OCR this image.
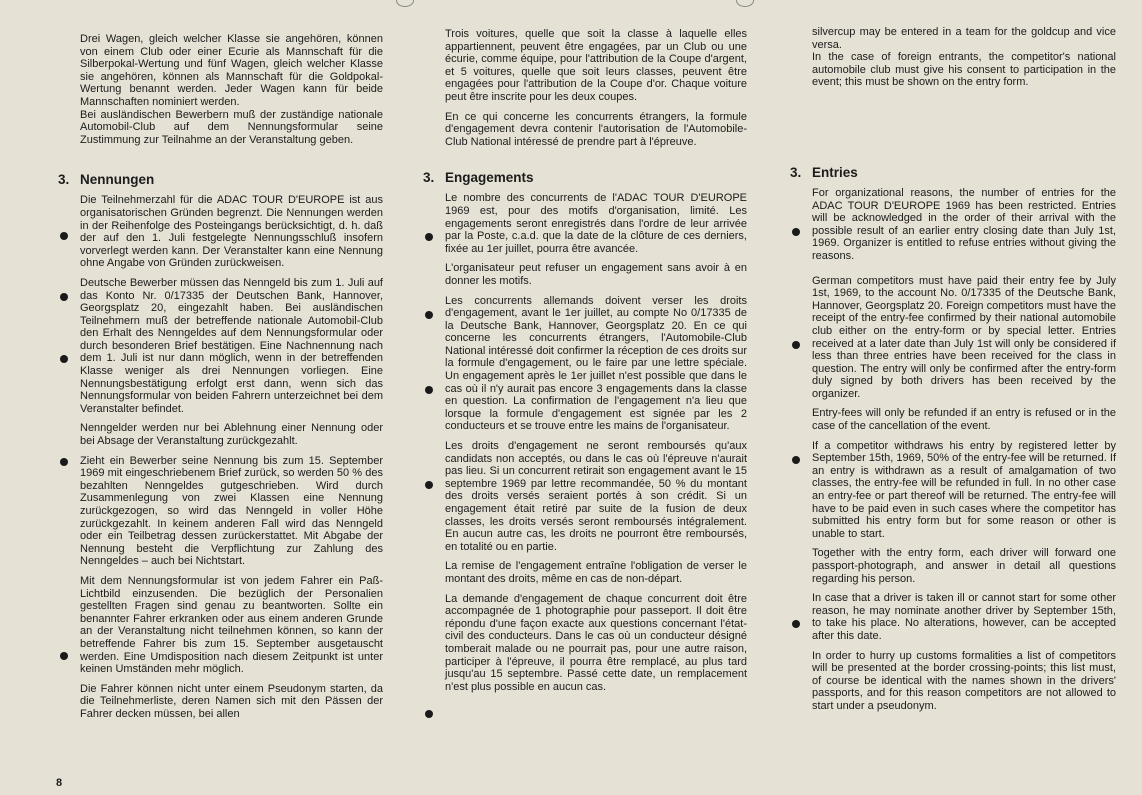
Drei Wagen, gleich welcher Klasse sie angehören, können von einem Club oder einer Ecurie als Mannschaft für die Silberpokal-Wertung und fünf Wagen, gleich welcher Klasse sie angehören, können als Mannschaft für die Goldpokal-Wertung benannt werden. Jeder Wagen kann für beide Mannschaften nominiert werden.

Bei ausländischen Bewerbern muß der zuständige nationale Automobil-Club auf dem Nennungsformular seine Zustimmung zur Teilnahme an der Veranstaltung geben.

3. Nennungen

Die Teilnehmerzahl für die ADAC TOUR D'EUROPE ist aus organisatorischen Gründen begrenzt. Die Nennungen werden in der Reihenfolge des Posteingangs berücksichtigt, d. h. daß der auf den 1. Juli festgelegte Nennungsschluß insofern vorverlegt werden kann. Der Veranstalter kann eine Nennung ohne Angabe von Gründen zurückweisen.

Deutsche Bewerber müssen das Nenngeld bis zum 1. Juli auf das Konto Nr. 0/17335 der Deutschen Bank, Hannover, Georgsplatz 20, eingezahlt haben. Bei ausländischen Teilnehmern muß der betreffende nationale Automobil-Club den Erhalt des Nenngeldes auf dem Nennungsformular oder durch besonderen Brief bestätigen. Eine Nachnennung nach dem 1. Juli ist nur dann möglich, wenn in der betreffenden Klasse weniger als drei Nennungen vorliegen. Eine Nennungsbestätigung erfolgt erst dann, wenn sich das Nennungsformular von beiden Fahrern unterzeichnet bei dem Veranstalter befindet.

Nenngelder werden nur bei Ablehnung einer Nennung oder bei Absage der Veranstaltung zurückgezahlt.

Zieht ein Bewerber seine Nennung bis zum 15. September 1969 mit eingeschriebenem Brief zurück, so werden 50 % des bezahlten Nenngeldes gutgeschrieben. Wird durch Zusammenlegung von zwei Klassen eine Nennung zurückgezogen, so wird das Nenngeld in voller Höhe zurückgezahlt. In keinem anderen Fall wird das Nenngeld oder ein Teilbetrag dessen zurückerstattet. Mit Abgabe der Nennung besteht die Verpflichtung zur Zahlung des Nenngeldes – auch bei Nichtstart.

Mit dem Nennungsformular ist von jedem Fahrer ein Paß-Lichtbild einzusenden. Die bezüglich der Personalien gestellten Fragen sind genau zu beantworten. Sollte ein benannter Fahrer erkranken oder aus einem anderen Grunde an der Veranstaltung nicht teilnehmen können, so kann der betreffende Fahrer bis zum 15. September ausgetauscht werden. Eine Umdisposition nach diesem Zeitpunkt ist unter keinen Umständen mehr möglich.

Die Fahrer können nicht unter einem Pseudonym starten, da die Teilnehmerliste, deren Namen sich mit den Pässen der Fahrer decken müssen, bei allen

Trois voitures, quelle que soit la classe à laquelle elles appartiennent, peuvent être engagées, par un Club ou une écurie, comme équipe, pour l'attribution de la Coupe d'argent, et 5 voitures, quelle que soit leurs classes, peuvent être engagées pour l'attribution de la Coupe d'or. Chaque voiture peut être inscrite pour les deux coupes.

En ce qui concerne les concurrents étrangers, la formule d'engagement devra contenir l'autorisation de l'Automobile-Club National intéressé de prendre part à l'épreuve.

3. Engagements

Le nombre des concurrents de l'ADAC TOUR D'EUROPE 1969 est, pour des motifs d'organisation, limité. Les engagements seront enregistrés dans l'ordre de leur arrivée par la Poste, c.a.d. que la date de la clôture de ces derniers, fixée au 1er juillet, pourra être avancée.

L'organisateur peut refuser un engagement sans avoir à en donner les motifs.

Les concurrents allemands doivent verser les droits d'engagement, avant le 1er juillet, au compte No 0/17335 de la Deutsche Bank, Hannover, Georgsplatz 20. En ce qui concerne les concurrents étrangers, l'Automobile-Club National intéressé doit confirmer la réception de ces droits sur la formule d'engagement, ou le faire par une lettre spéciale. Un engagement après le 1er juillet n'est possible que dans le cas où il n'y aurait pas encore 3 engagements dans la classe en question. La confirmation de l'engagement n'a lieu que lorsque la formule d'engagement est signée par les 2 conducteurs et se trouve entre les mains de l'organisateur.

Les droits d'engagement ne seront remboursés qu'aux candidats non acceptés, ou dans le cas où l'épreuve n'aurait pas lieu. Si un concurrent retirait son engagement avant le 15 septembre 1969 par lettre recommandée, 50 % du montant des droits versés seraient portés à son crédit. Si un engagement était retiré par suite de la fusion de deux classes, les droits versés seront remboursés intégralement. En aucun autre cas, les droits ne pourront être remboursés, en totalité ou en partie.

La remise de l'engagement entraîne l'obligation de verser le montant des droits, même en cas de non-départ.

La demande d'engagement de chaque concurrent doit être accompagnée de 1 photographie pour passeport. Il doit être répondu d'une façon exacte aux questions concernant l'état-civil des conducteurs. Dans le cas où un conducteur désigné tomberait malade ou ne pourrait pas, pour une autre raison, participer à l'épreuve, il pourra être remplacé, au plus tard jusqu'au 15 septembre. Passé cette date, un remplacement n'est plus possible en aucun cas.

silvercup may be entered in a team for the goldcup and vice versa.

In the case of foreign entrants, the competitor's national automobile club must give his consent to participation in the event; this must be shown on the entry form.

3. Entries

For organizational reasons, the number of entries for the ADAC TOUR D'EUROPE 1969 has been restricted. Entries will be acknowledged in the order of their arrival with the possible result of an earlier entry closing date than July 1st, 1969. Organizer is entitled to refuse entries without giving the reasons.

German competitors must have paid their entry fee by July 1st, 1969, to the account No. 0/17335 of the Deutsche Bank, Hannover, Georgsplatz 20. Foreign competitors must have the receipt of the entry-fee confirmed by their national automobile club either on the entry-form or by special letter. Entries received at a later date than July 1st will only be considered if less than three entries have been received for the class in question. The entry will only be confirmed after the entry-form duly signed by both drivers has been received by the organizer.

Entry-fees will only be refunded if an entry is refused or in the case of the cancellation of the event.

If a competitor withdraws his entry by registered letter by September 15th, 1969, 50% of the entry-fee will be returned. If an entry is withdrawn as a result of amalgamation of two classes, the entry-fee will be refunded in full. In no other case an entry-fee or part thereof will be returned. The entry-fee will have to be paid even in such cases where the competitor has submitted his entry form but for some reason or other is unable to start.

Together with the entry form, each driver will forward one passport-photograph, and answer in detail all questions regarding his person.

In case that a driver is taken ill or cannot start for some other reason, he may nominate another driver by September 15th, to take his place. No alterations, however, can be accepted after this date.

In order to hurry up customs formalities a list of competitors will be presented at the border crossing-points; this list must, of course be identical with the names shown in the drivers' passports, and for this reason competitors are not allowed to start under a pseudonym.

8
